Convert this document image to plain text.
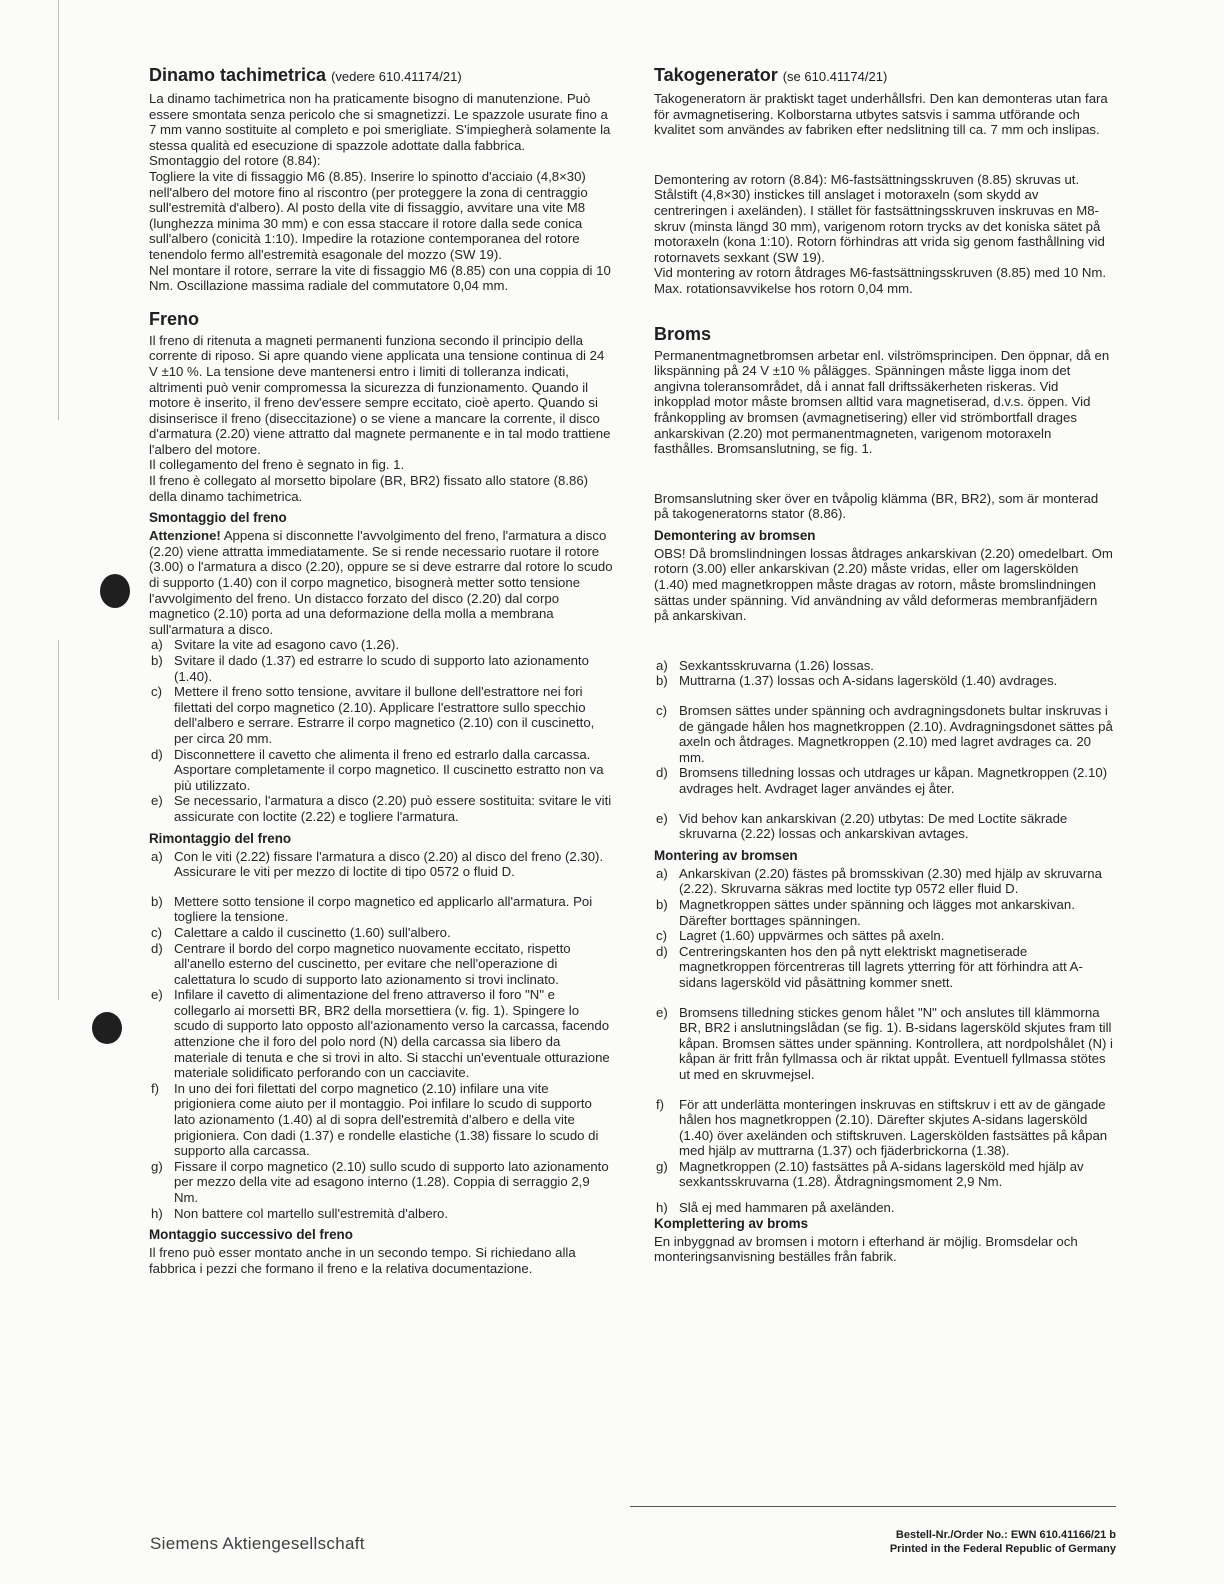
Dinamo tachimetrica (vedere 610.41174/21)

La dinamo tachimetrica non ha praticamente bisogno di manutenzione. Può essere smontata senza pericolo che si smagnetizzi. Le spazzole usurate fino a 7 mm vanno sostituite al completo e poi smerigliate. S'impiegherà solamente la stessa qualità ed esecuzione di spazzole adottate dalla fabbrica.

Smontaggio del rotore (8.84):

Togliere la vite di fissaggio M6 (8.85). Inserire lo spinotto d'acciaio (4,8×30) nell'albero del motore fino al riscontro (per proteggere la zona di centraggio sull'estremità d'albero). Al posto della vite di fissaggio, avvitare una vite M8 (lunghezza minima 30 mm) e con essa staccare il rotore dalla sede conica sull'albero (conicità 1:10). Impedire la rotazione contemporanea del rotore tenendolo fermo all'estremità esagonale del mozzo (SW 19).

Nel montare il rotore, serrare la vite di fissaggio M6 (8.85) con una coppia di 10 Nm. Oscillazione massima radiale del commutatore 0,04 mm.

Freno

Il freno di ritenuta a magneti permanenti funziona secondo il principio della corrente di riposo. Si apre quando viene applicata una tensione continua di 24 V ±10 %. La tensione deve mantenersi entro i limiti di tolleranza indicati, altrimenti può venir compromessa la sicurezza di funzionamento. Quando il motore è inserito, il freno dev'essere sempre eccitato, cioè aperto. Quando si disinserisce il freno (diseccitazione) o se viene a mancare la corrente, il disco d'armatura (2.20) viene attratto dal magnete permanente e in tal modo trattiene l'albero del motore.

Il collegamento del freno è segnato in fig. 1.

Il freno è collegato al morsetto bipolare (BR, BR2) fissato allo statore (8.86) della dinamo tachimetrica.

Smontaggio del freno

Attenzione! Appena si disconnette l'avvolgimento del freno, l'armatura a disco (2.20) viene attratta immediatamente. Se si rende necessario ruotare il rotore (3.00) o l'armatura a disco (2.20), oppure se si deve estrarre dal rotore lo scudo di supporto (1.40) con il corpo magnetico, bisognerà metter sotto tensione l'avvolgimento del freno. Un distacco forzato del disco (2.20) dal corpo magnetico (2.10) porta ad una deformazione della molla a membrana sull'armatura a disco.

a) Svitare la vite ad esagono cavo (1.26).
b) Svitare il dado (1.37) ed estrarre lo scudo di supporto lato azionamento (1.40).
c) Mettere il freno sotto tensione, avvitare il bullone dell'estrattore nei fori filettati del corpo magnetico (2.10). Applicare l'estrattore sullo specchio dell'albero e serrare. Estrarre il corpo magnetico (2.10) con il cuscinetto, per circa 20 mm.
d) Disconnettere il cavetto che alimenta il freno ed estrarlo dalla carcassa. Asportare completamente il corpo magnetico. Il cuscinetto estratto non va più utilizzato.
e) Se necessario, l'armatura a disco (2.20) può essere sostituita: svitare le viti assicurate con loctite (2.22) e togliere l'armatura.
Rimontaggio del freno
a) Con le viti (2.22) fissare l'armatura a disco (2.20) al disco del freno (2.30). Assicurare le viti per mezzo di loctite di tipo 0572 o fluid D.
b) Mettere sotto tensione il corpo magnetico ed applicarlo all'armatura. Poi togliere la tensione.
c) Calettare a caldo il cuscinetto (1.60) sull'albero.
d) Centrare il bordo del corpo magnetico nuovamente eccitato, rispetto all'anello esterno del cuscinetto, per evitare che nell'operazione di calettatura lo scudo di supporto lato azionamento si trovi inclinato.
e) Infilare il cavetto di alimentazione del freno attraverso il foro "N" e collegarlo ai morsetti BR, BR2 della morsettiera (v. fig. 1). Spingere lo scudo di supporto lato opposto all'azionamento verso la carcassa, facendo attenzione che il foro del polo nord (N) della carcassa sia libero da materiale di tenuta e che si trovi in alto. Si stacchi un'eventuale otturazione materiale solidificato perforando con un cacciavite.
f) In uno dei fori filettati del corpo magnetico (2.10) infilare una vite prigioniera come aiuto per il montaggio. Poi infilare lo scudo di supporto lato azionamento (1.40) al di sopra dell'estremità d'albero e della vite prigioniera. Con dadi (1.37) e rondelle elastiche (1.38) fissare lo scudo di supporto alla carcassa.
g) Fissare il corpo magnetico (2.10) sullo scudo di supporto lato azionamento per mezzo della vite ad esagono interno (1.28). Coppia di serraggio 2,9 Nm.
h) Non battere col martello sull'estremità d'albero.
Montaggio successivo del freno

Il freno può esser montato anche in un secondo tempo. Si richiedano alla fabbrica i pezzi che formano il freno e la relativa documentazione.

Takogenerator (se 610.41174/21)

Takogeneratorn är praktiskt taget underhållsfri. Den kan demonteras utan fara för avmagnetisering. Kolborstarna utbytes satsvis i samma utförande och kvalitet som användes av fabriken efter nedslitning till ca. 7 mm och inslipas.

Demontering av rotorn (8.84): M6-fastsättningsskruven (8.85) skruvas ut. Stålstift (4,8×30) instickes till anslaget i motoraxeln (som skydd av centreringen i axeländen). I stället för fastsättningsskruven inskruvas en M8-skruv (minsta längd 30 mm), varigenom rotorn trycks av det koniska sätet på motoraxeln (kona 1:10). Rotorn förhindras att vrida sig genom fasthållning vid rotornavets sexkant (SW 19).

Vid montering av rotorn åtdrages M6-fastsättningsskruven (8.85) med 10 Nm. Max. rotationsavvikelse hos rotorn 0,04 mm.

Broms

Permanentmagnetbromsen arbetar enl. vilströmsprincipen. Den öppnar, då en likspänning på 24 V ±10 % pålägges. Spänningen måste ligga inom det angivna toleransområdet, då i annat fall driftssäkerheten riskeras. Vid inkopplad motor måste bromsen alltid vara magnetiserad, d.v.s. öppen. Vid frånkoppling av bromsen (avmagnetisering) eller vid strömbortfall drages ankarskivan (2.20) mot permanentmagneten, varigenom motoraxeln fasthålles. Bromsanslutning, se fig. 1.

Bromsanslutning sker över en tvåpolig klämma (BR, BR2), som är monterad på takogeneratorns stator (8.86).

Demontering av bromsen

OBS! Då bromslindningen lossas åtdrages ankarskivan (2.20) omedelbart. Om rotorn (3.00) eller ankarskivan (2.20) måste vridas, eller om lagerskölden (1.40) med magnetkroppen måste dragas av rotorn, måste bromslindningen sättas under spänning. Vid användning av våld deformeras membranfjädern på ankarskivan.

a) Sexkantsskruvarna (1.26) lossas.
b) Muttrarna (1.37) lossas och A-sidans lagersköld (1.40) avdrages.
c) Bromsen sättes under spänning och avdragningsdonets bultar inskruvas i de gängade hålen hos magnetkroppen (2.10). Avdragningsdonet sättes på axeln och åtdrages. Magnetkroppen (2.10) med lagret avdrages ca. 20 mm.
d) Bromsens tilledning lossas och utdrages ur kåpan. Magnetkroppen (2.10) avdrages helt. Avdraget lager användes ej åter.
e) Vid behov kan ankarskivan (2.20) utbytas: De med Loctite säkrade skruvarna (2.22) lossas och ankarskivan avtages.
Montering av bromsen
a) Ankarskivan (2.20) fästes på bromsskivan (2.30) med hjälp av skruvarna (2.22). Skruvarna säkras med loctite typ 0572 eller fluid D.
b) Magnetkroppen sättes under spänning och lägges mot ankarskivan. Därefter borttages spänningen.
c) Lagret (1.60) uppvärmes och sättes på axeln.
d) Centreringskanten hos den på nytt elektriskt magnetiserade magnetkroppen förcentreras till lagrets ytterring för att förhindra att A-sidans lagersköld vid påsättning kommer snett.
e) Bromsens tilledning stickes genom hålet "N" och anslutes till klämmorna BR, BR2 i anslutningslådan (se fig. 1). B-sidans lagersköld skjutes fram till kåpan. Bromsen sättes under spänning. Kontrollera, att nordpolshålet (N) i kåpan är fritt från fyllmassa och är riktat uppåt. Eventuell fyllmassa stötes ut med en skruvmejsel.
f) För att underlätta monteringen inskruvas en stiftskruv i ett av de gängade hålen hos magnetkroppen (2.10). Därefter skjutes A-sidans lagersköld (1.40) över axeländen och stiftskruven. Lagerskölden fastsättes på kåpan med hjälp av muttrarna (1.37) och fjäderbrickorna (1.38).
g) Magnetkroppen (2.10) fastsättes på A-sidans lagersköld med hjälp av sexkantsskruvarna (1.28). Åtdragningsmoment 2,9 Nm.
h) Slå ej med hammaren på axeländen.
Komplettering av broms

En inbyggnad av bromsen i motorn i efterhand är möjlig. Bromsdelar och monteringsanvisning beställes från fabrik.

Siemens Aktiengesellschaft	Bestell-Nr./Order No.: EWN 610.41166/21 b
Printed in the Federal Republic of Germany
